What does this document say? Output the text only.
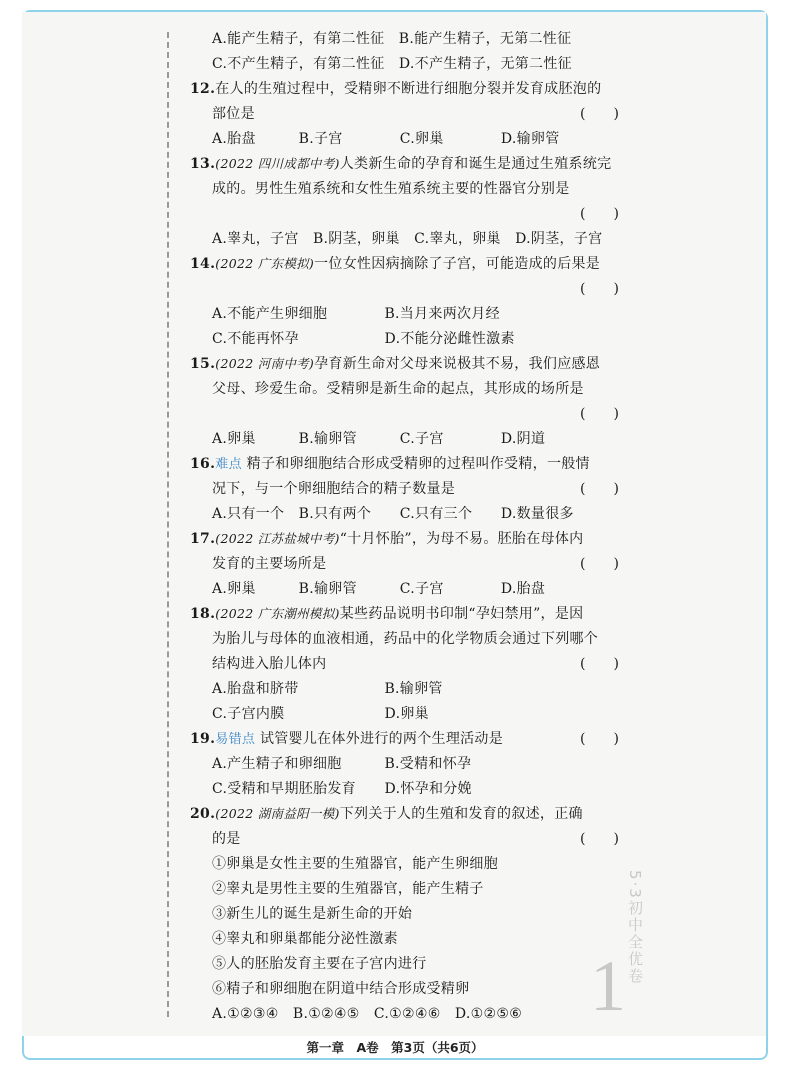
1
5·3初中全优卷
A.能产生精子，有第二性征　B.能产生精子，无第二性征
C.不产生精子，有第二性征　D.不产生精子，无第二性征
12.在人的生殖过程中，受精卵不断进行细胞分裂并发育成胚泡的
部位是	(　　)
A.胎盘　　　B.子宫　　　　C.卵巢　　　　D.输卵管
13.(2022 四川成都中考)人类新生命的孕育和诞生是通过生殖系统完
成的。男性生殖系统和女性生殖系统主要的性器官分别是
(　　)
A.睾丸，子宫　B.阴茎，卵巢　C.睾丸，卵巢　D.阴茎，子宫
14.(2022 广东模拟)一位女性因病摘除了子宫，可能造成的后果是
(　　)
A.不能产生卵细胞　　　　B.当月来两次月经
C.不能再怀孕　　　　　　D.不能分泌雌性激素
15.(2022 河南中考)孕育新生命对父母来说极其不易，我们应感恩
父母、珍爱生命。受精卵是新生命的起点，其形成的场所是
(　　)
A.卵巢　　　B.输卵管　　　C.子宫　　　　D.阴道
16.难点 精子和卵细胞结合形成受精卵的过程叫作受精，一般情
况下，与一个卵细胞结合的精子数量是	(　　)
A.只有一个　B.只有两个　　C.只有三个　　D.数量很多
17.(2022 江苏盐城中考)“十月怀胎”，为母不易。胚胎在母体内
发育的主要场所是	(　　)
A.卵巢　　　B.输卵管　　　C.子宫　　　　D.胎盘
18.(2022 广东潮州模拟)某些药品说明书印制“孕妇禁用”，是因
为胎儿与母体的血液相通，药品中的化学物质会通过下列哪个
结构进入胎儿体内	(　　)
A.胎盘和脐带　　　　　　B.输卵管
C.子宫内膜　　　　　　　D.卵巢
19.易错点 试管婴儿在体外进行的两个生理活动是	(　　)
A.产生精子和卵细胞　　　B.受精和怀孕
C.受精和早期胚胎发育　　D.怀孕和分娩
20.(2022 湖南益阳一模)下列关于人的生殖和发育的叙述，正确
的是	(　　)
①卵巢是女性主要的生殖器官，能产生卵细胞
②睾丸是男性主要的生殖器官，能产生精子
③新生儿的诞生是新生命的开始
④睾丸和卵巢都能分泌性激素
⑤人的胚胎发育主要在子宫内进行
⑥精子和卵细胞在阴道中结合形成受精卵
A.①②③④　B.①②④⑤　C.①②④⑥　D.①②⑤⑥
第一章　A卷　第3页（共6页）
